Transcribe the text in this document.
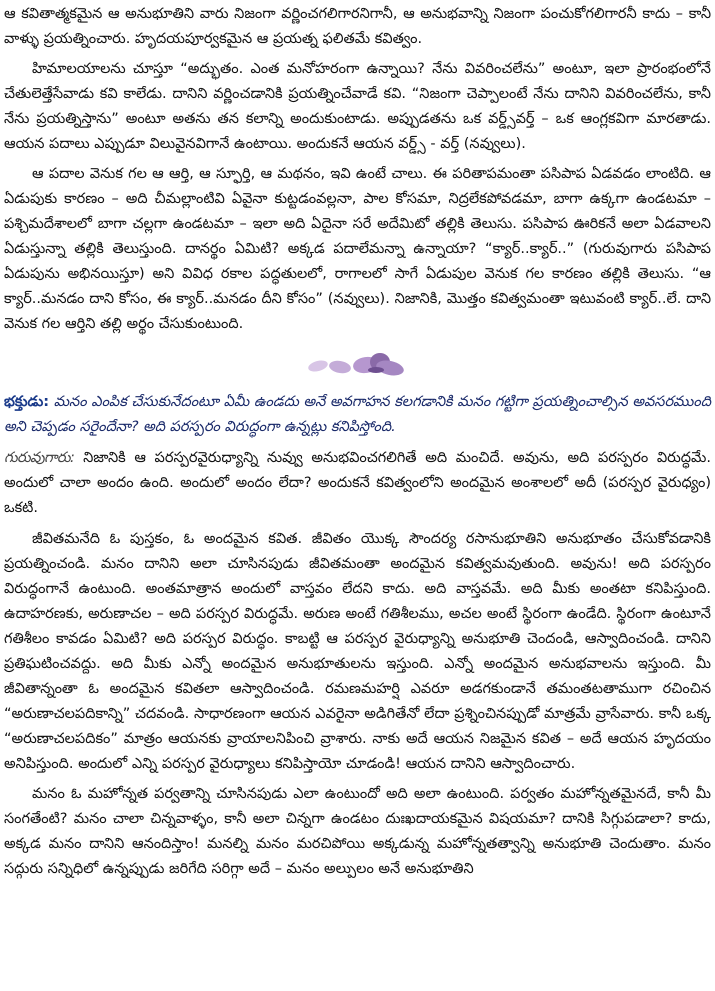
ఆ కవితాత్మకమైన ఆ అనుభూతిని వారు నిజంగా వర్ణించగలిగారనిగానీ, ఆ అనుభవాన్ని నిజంగా పంచుకోగలిగారనీ కాదు – కానీ వాళ్ళు ప్రయత్నించారు. హృదయపూర్వకమైన ఆ ప్రయత్న ఫలితమే కవిత్వం.

హిమాలయాలను చూస్తూ “అద్భుతం. ఎంత మనోహరంగా ఉన్నాయి? నేను వివరించలేను” అంటూ, ఇలా ప్రారంభంలోనే చేతులెత్తేసేవాడు కవి కాలేడు. దానిని వర్ణించడానికి ప్రయత్నించేవాడే కవి. “నిజంగా చెప్పాలంటే నేను దానిని వివరించలేను, కానీ నేను ప్రయత్నిస్తాను” అంటూ అతను తన కలాన్ని అందుకుంటాడు. అప్పుడతను ఒక వర్డ్స్‌వర్త్ – ఒక ఆంగ్లకవిగా మారతాడు. ఆయన పదాలు ఎప్పుడూ విలువైనవిగానే ఉంటాయి. అందుకనే ఆయన వర్డ్స్ - వర్త్ (నవ్వులు).

ఆ పదాల వెనుక గల ఆ ఆర్తి, ఆ స్ఫూర్తి, ఆ మథనం, ఇవి ఉంటే చాలు. ఈ పరితాపమంతా పసిపాప ఏడవడం లాంటిది. ఆ ఏడుపుకు కారణం – అది చీమల్లాంటివి ఏవైనా కుట్టడంవల్లనా, పాల కోసమా, నిద్రలేకపోవడమా, బాగా ఉక్కగా ఉండటమా – పశ్చిమదేశాలలో బాగా చల్లగా ఉండటమా – ఇలా అది ఏదైనా సరే అదేమిటో తల్లికి తెలుసు. పసిపాప ఊరికనే అలా ఏడవాలని ఏడుస్తున్నా తల్లికి తెలుస్తుంది. దానర్థం ఏమిటి? అక్కడ పదాలేమన్నా ఉన్నాయా? “క్యార్..క్యార్..” (గురువుగారు పసిపాప ఏడుపును అభినయిస్తూ) అని వివిధ రకాల పద్ధతులలో, రాగాలలో సాగే ఏడుపుల వెనుక గల కారణం తల్లికి తెలుసు. “ఆ క్యార్..మనడం దాని కోసం, ఈ క్యార్..మనడం దీని కోసం” (నవ్వులు). నిజానికి, మొత్తం కవిత్వమంతా ఇటువంటి క్యార్..లే. దాని వెనుక గల ఆర్తిని తల్లి అర్థం చేసుకుంటుంది.

భక్తుడు: మనం ఎంపిక చేసుకునేదంటూ ఏమీ ఉండదు అనే అవగాహన కలగడానికి మనం గట్టిగా ప్రయత్నించాల్సిన అవసరముంది అని చెప్పడం సరైందేనా? అది పరస్పరం విరుద్ధంగా ఉన్నట్లు కనిపిస్తోంది.

గురువుగారు: నిజానికి ఆ పరస్పరవైరుధ్యాన్ని నువ్వు అనుభవించగలిగితే అది మంచిదే. అవును, అది పరస్పరం విరుద్ధమే. అందులో చాలా అందం ఉంది. అందులో అందం లేదా? అందుకనే కవిత్వంలోని అందమైన అంశాలలో అదీ (పరస్పర వైరుధ్యం) ఒకటి.

జీవితమనేది ఓ పుస్తకం, ఓ అందమైన కవిత. జీవితం యొక్క సౌందర్య రసానుభూతిని అనుభూతం చేసుకోవడానికి ప్రయత్నించండి. మనం దానిని అలా చూసినపుడు జీవితమంతా అందమైన కవిత్వమవుతుంది. అవును! అది పరస్పరం విరుద్ధంగానే ఉంటుంది. అంతమాత్రాన అందులో వాస్తవం లేదని కాదు. అది వాస్తవమే. అది మీకు అంతటా కనిపిస్తుంది. ఉదాహరణకు, అరుణాచల – అది పరస్పర విరుద్ధమే. అరుణ అంటే గతిశీలము, అచల అంటే స్థిరంగా ఉండేది. స్థిరంగా ఉంటూనే గతిశీలం కావడం ఏమిటి? అది పరస్పర విరుద్ధం. కాబట్టి ఆ పరస్పర వైరుధ్యాన్ని అనుభూతి చెందండి, ఆస్వాదించండి. దానిని ప్రతిఘటించవద్దు. అది మీకు ఎన్నో అందమైన అనుభూతులను ఇస్తుంది. ఎన్నో అందమైన అనుభవాలను ఇస్తుంది. మీ జీవితాన్నంతా ఓ అందమైన కవితలా ఆస్వాదించండి. రమణమహర్షి ఎవరూ అడగకుండానే తమంతటతాముగా రచించిన “అరుణాచలపదికాన్ని” చదవండి. సాధారణంగా ఆయన ఎవరైనా అడిగితేనో లేదా ప్రశ్నించినప్పుడో మాత్రమే వ్రాసేవారు. కానీ ఒక్క “అరుణాచలపదికం” మాత్రం ఆయనకు వ్రాయాలనిపించి వ్రాశారు. నాకు అదే ఆయన నిజమైన కవిత – అదే ఆయన హృదయం అనిపిస్తుంది. అందులో ఎన్ని పరస్పర వైరుధ్యాలు కనిపిస్తాయో చూడండి! ఆయన దానిని ఆస్వాదించారు.

మనం ఓ మహోన్నత పర్వతాన్ని చూసినపుడు ఎలా ఉంటుందో అది అలా ఉంటుంది. పర్వతం మహోన్నతమైనదే, కానీ మీ సంగతేంటి? మనం చాలా చిన్నవాళ్ళం, కానీ అలా చిన్నగా ఉండటం దుఃఖదాయకమైన విషయమా? దానికి సిగ్గుపడాలా? కాదు, అక్కడ మనం దానిని ఆనందిస్తాం! మనల్ని మనం మరచిపోయి అక్కడున్న మహోన్నతత్వాన్ని అనుభూతి చెందుతాం. మనం సద్గురు సన్నిధిలో ఉన్నప్పుడు జరిగేది సరిగ్గా అదే – మనం అల్పులం అనే అనుభూతిని
